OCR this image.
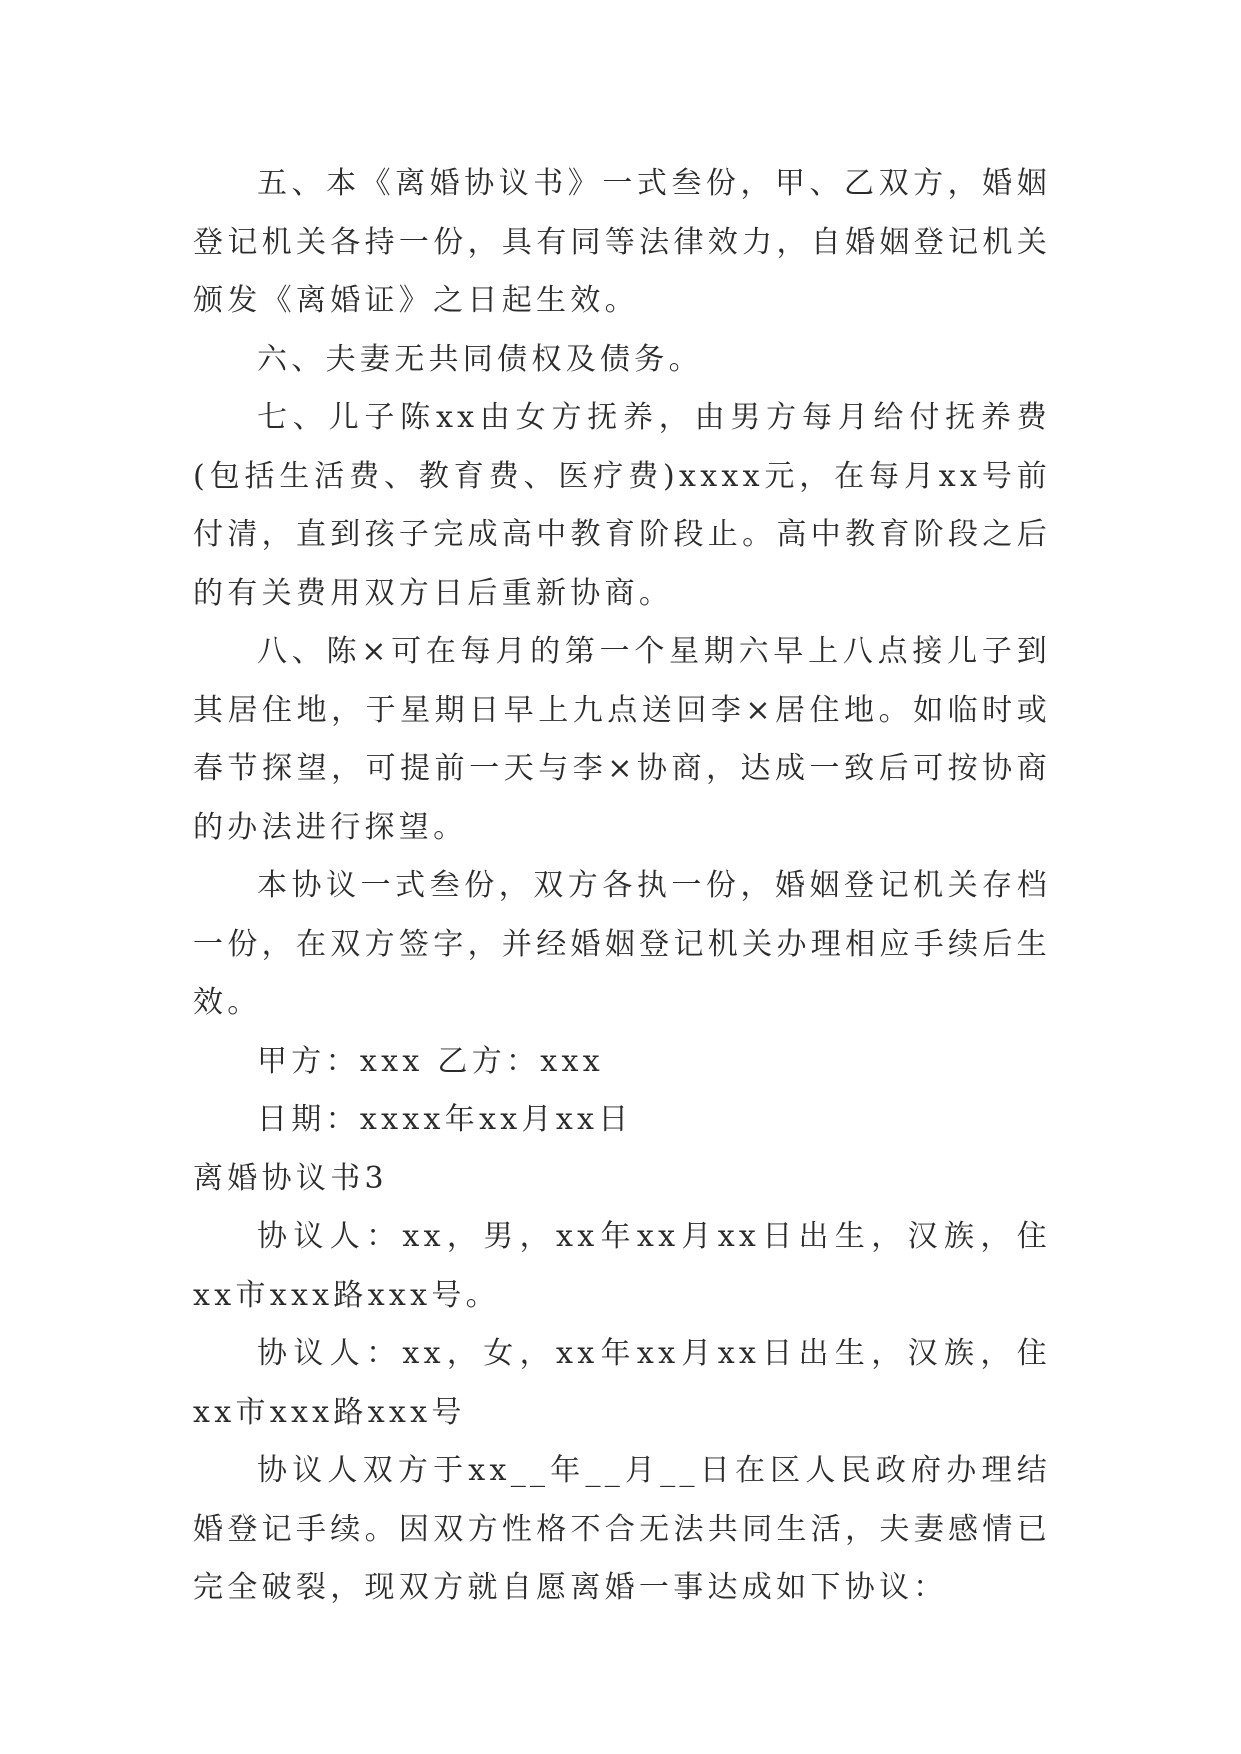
五、本《离婚协议书》一式叁份，甲、乙双方，婚姻登记机关各持一份，具有同等法律效力，自婚姻登记机关颁发《离婚证》之日起生效。

六、夫妻无共同债权及债务。

七、儿子陈xx由女方抚养，由男方每月给付抚养费(包括生活费、教育费、医疗费)xxxx元，在每月xx号前付清，直到孩子完成高中教育阶段止。高中教育阶段之后的有关费用双方日后重新协商。

八、陈×可在每月的第一个星期六早上八点接儿子到其居住地，于星期日早上九点送回李×居住地。如临时或春节探望，可提前一天与李×协商，达成一致后可按协商的办法进行探望。

本协议一式叁份，双方各执一份，婚姻登记机关存档一份，在双方签字，并经婚姻登记机关办理相应手续后生效。

甲方：xxx 乙方：xxx

日期：xxxx年xx月xx日

离婚协议书3

协议人：xx，男，xx年xx月xx日出生，汉族，住xx市xxx路xxx号。

协议人：xx，女，xx年xx月xx日出生，汉族，住xx市xxx路xxx号

协议人双方于xx__年__月__日在区人民政府办理结婚登记手续。因双方性格不合无法共同生活，夫妻感情已完全破裂，现双方就自愿离婚一事达成如下协议：
